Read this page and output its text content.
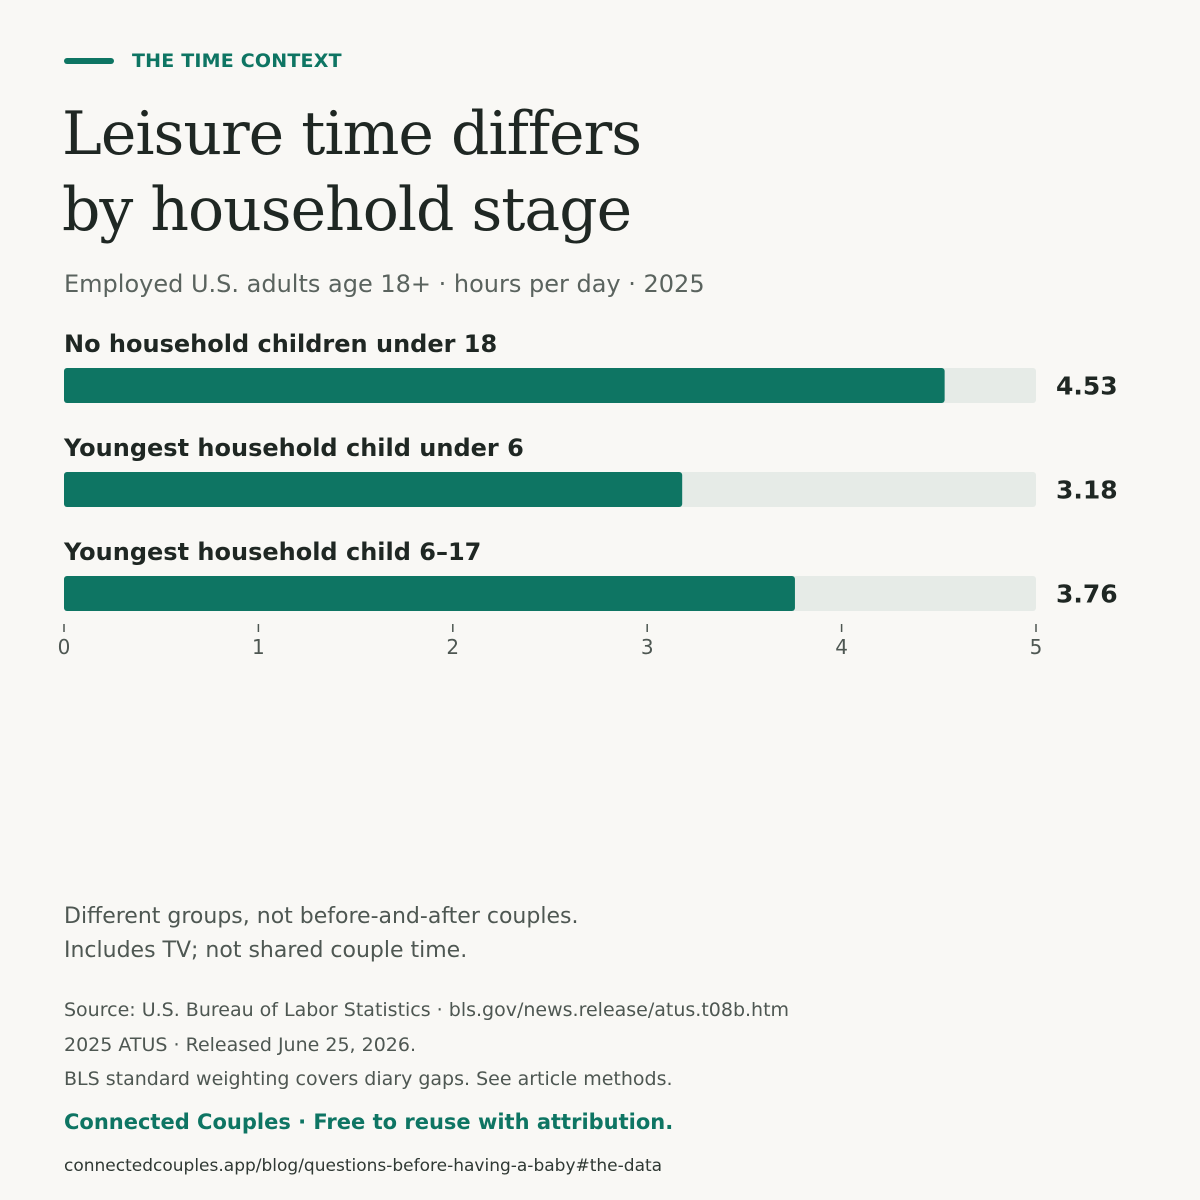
THE TIME CONTEXT
Leisure time differs
by household stage
Employed U.S. adults age 18+ · hours per day · 2025
No household children under 18
4.53
Youngest household child under 6
3.18
Youngest household child 6–17
3.76
0	1	2	3	4	5
Different groups, not before-and-after couples.
Includes TV; not shared couple time.
Source: U.S. Bureau of Labor Statistics · bls.gov/news.release/atus.t08b.htm
2025 ATUS · Released June 25, 2026.
BLS standard weighting covers diary gaps. See article methods.
Connected Couples · Free to reuse with attribution.
connectedcouples.app/blog/questions-before-having-a-baby#the-data
